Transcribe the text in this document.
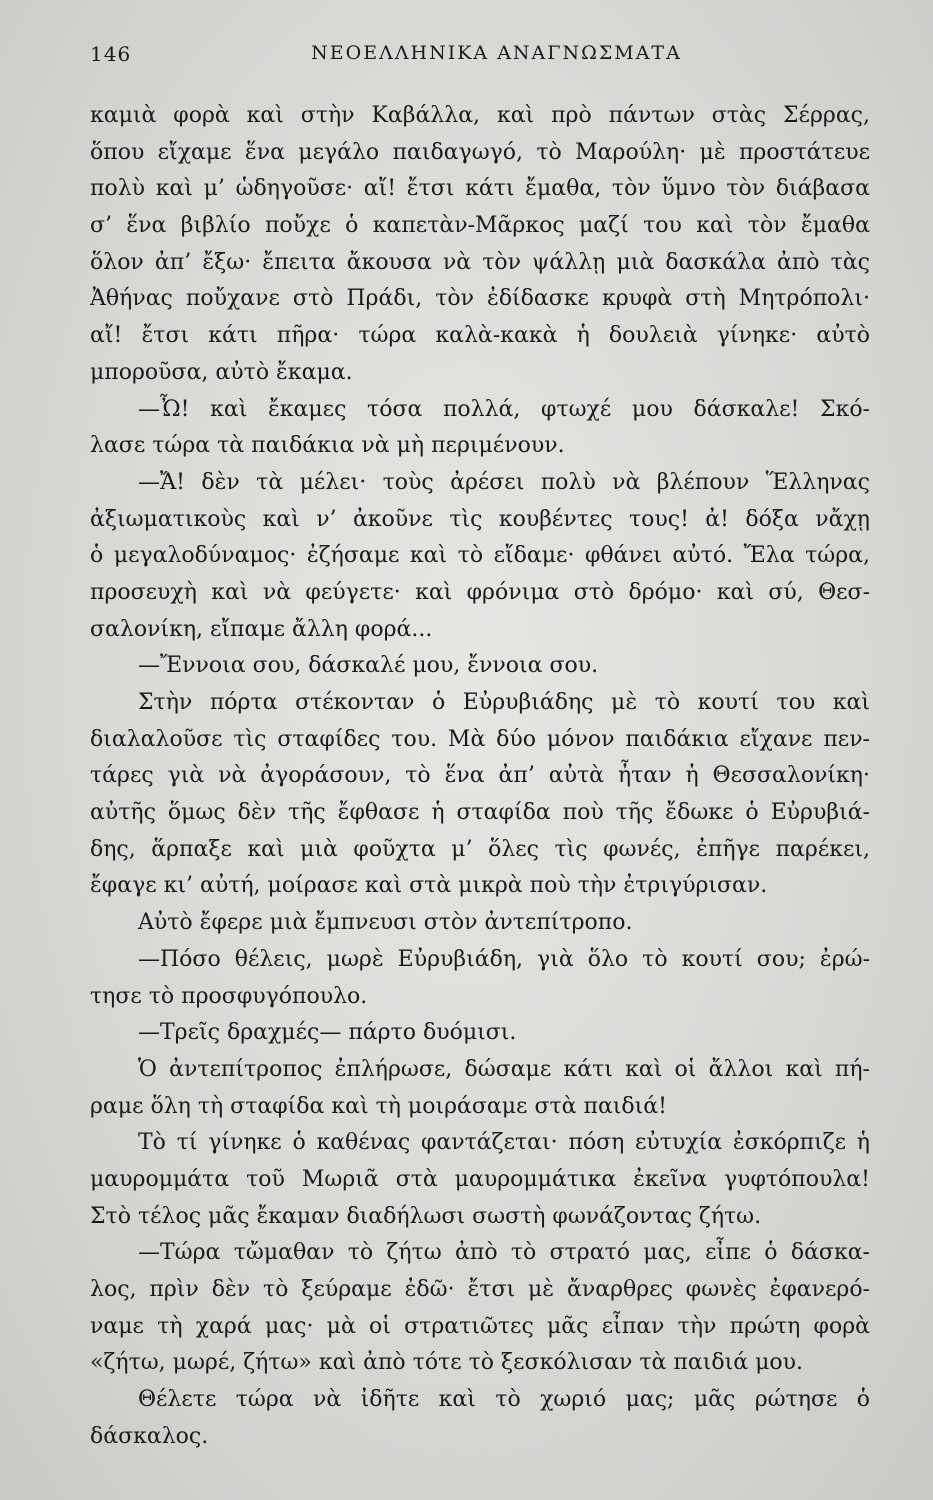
146	ΝΕΟΕΛΛΗΝΙΚΑ ΑΝΑΓΝΩΣΜΑΤΑ
καμιὰ φορὰ καὶ στὴν Καβάλλα, καὶ πρὸ πάντων στὰς Σέρρας,
ὅπου εἴχαμε ἕνα μεγάλο παιδαγωγό, τὸ Μαρούλη· μὲ προστάτευε
πολὺ καὶ μ’ ὡδηγοῦσε· αἴ! ἔτσι κάτι ἔμαθα, τὸν ὕμνο τὸν διάβασα
σ’ ἕνα βιβλίο ποὔχε ὁ καπετὰν-Μᾶρκος μαζί του καὶ τὸν ἔμαθα
ὅλον ἀπ’ ἔξω· ἔπειτα ἄκουσα νὰ τὸν ψάλλῃ μιὰ δασκάλα ἀπὸ τὰς
Ἀθήνας ποὔχανε στὸ Πράδι, τὸν ἐδίδασκε κρυφὰ στὴ Μητρόπολι·
αἴ! ἔτσι κάτι πῆρα· τώρα καλὰ-κακὰ ἡ δουλειὰ γίνηκε· αὐτὸ
μποροῦσα, αὐτὸ ἔκαμα.
—Ὦ! καὶ ἔκαμες τόσα πολλά, φτωχέ μου δάσκαλε! Σκό-
λασε τώρα τὰ παιδάκια νὰ μὴ περιμένουν.
—Ἄ! δὲν τὰ μέλει· τοὺς ἀρέσει πολὺ νὰ βλέπουν Ἕλληνας
ἀξιωματικοὺς καὶ ν’ ἀκοῦνε τὶς κουβέντες τους! ἀ! δόξα νἄχῃ
ὁ μεγαλοδύναμος· ἐζήσαμε καὶ τὸ εἴδαμε· φθάνει αὐτό. Ἔλα τώρα,
προσευχὴ καὶ νὰ φεύγετε· καὶ φρόνιμα στὸ δρόμο· καὶ σύ, Θεσ-
σαλονίκη, εἴπαμε ἄλλη φορά...
—Ἔννοια σου, δάσκαλέ μου, ἔννοια σου.
Στὴν πόρτα στέκονταν ὁ Εὐρυβιάδης μὲ τὸ κουτί του καὶ
διαλαλοῦσε τὶς σταφίδες του. Μὰ δύο μόνον παιδάκια εἴχανε πεν-
τάρες γιὰ νὰ ἀγοράσουν, τὸ ἕνα ἀπ’ αὐτὰ ἦταν ἡ Θεσσαλονίκη·
αὐτῆς ὅμως δὲν τῆς ἔφθασε ἡ σταφίδα ποὺ τῆς ἔδωκε ὁ Εὐρυβιά-
δης, ἅρπαξε καὶ μιὰ φοῦχτα μ’ ὅλες τὶς φωνές, ἐπῆγε παρέκει,
ἔφαγε κι’ αὐτή, μοίρασε καὶ στὰ μικρὰ ποὺ τὴν ἐτριγύρισαν.
Αὐτὸ ἔφερε μιὰ ἔμπνευσι στὸν ἀντεπίτροπο.
—Πόσο θέλεις, μωρὲ Εὐρυβιάδη, γιὰ ὅλο τὸ κουτί σου; ἐρώ-
τησε τὸ προσφυγόπουλο.
—Τρεῖς δραχμές— πάρτο δυόμισι.
Ὁ ἀντεπίτροπος ἐπλήρωσε, δώσαμε κάτι καὶ οἱ ἄλλοι καὶ πή-
ραμε ὅλη τὴ σταφίδα καὶ τὴ μοιράσαμε στὰ παιδιά!
Τὸ τί γίνηκε ὁ καθένας φαντάζεται· πόση εὐτυχία ἐσκόρπιζε ἡ
μαυρομμάτα τοῦ Μωριᾶ στὰ μαυρομμάτικα ἐκεῖνα γυφτόπουλα!
Στὸ τέλος μᾶς ἔκαμαν διαδήλωσι σωστὴ φωνάζοντας ζήτω.
—Τώρα τὤμαθαν τὸ ζήτω ἀπὸ τὸ στρατό μας, εἶπε ὁ δάσκα-
λος, πρὶν δὲν τὸ ξεύραμε ἐδῶ· ἔτσι μὲ ἄναρθρες φωνὲς ἐφανερό-
ναμε τὴ χαρά μας· μὰ οἱ στρατιῶτες μᾶς εἶπαν τὴν πρώτη φορὰ
«ζήτω, μωρέ, ζήτω» καὶ ἀπὸ τότε τὸ ξεσκόλισαν τὰ παιδιά μου.
Θέλετε τώρα νὰ ἰδῆτε καὶ τὸ χωριό μας; μᾶς ρώτησε ὁ
δάσκαλος.
